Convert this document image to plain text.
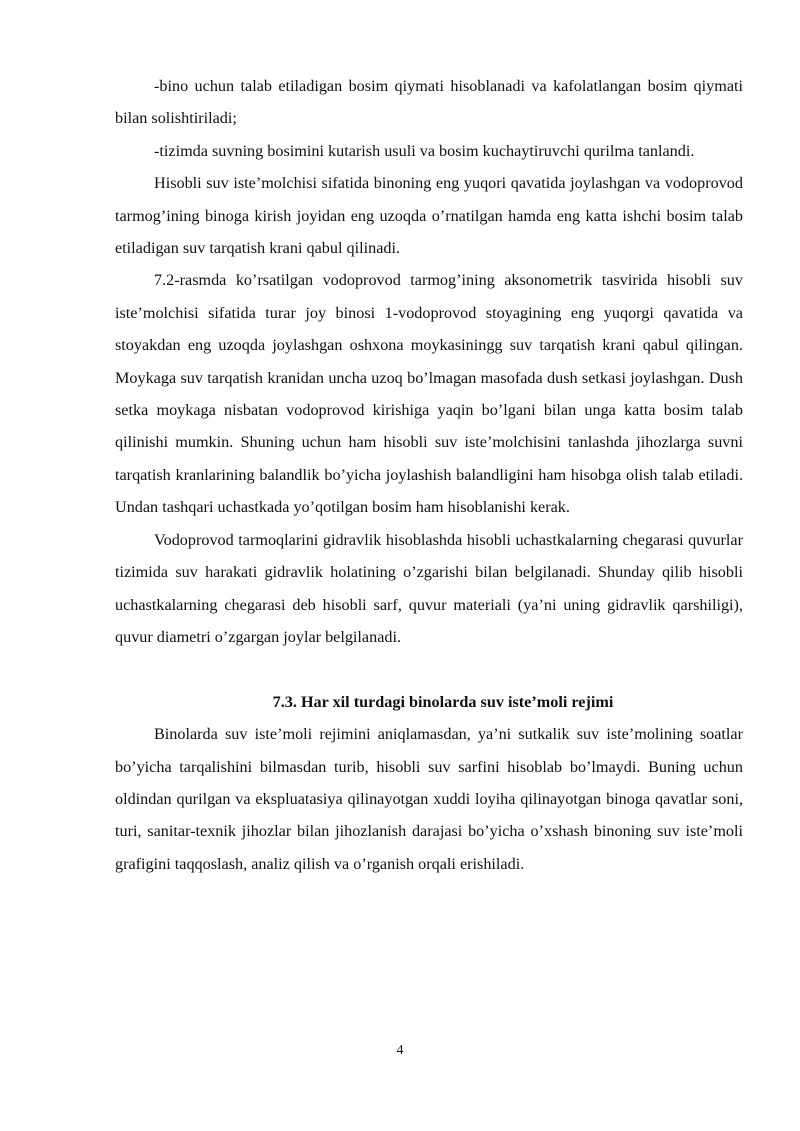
-bino uchun talab etiladigan bosim qiymati hisoblanadi va kafolatlangan bosim qiymati bilan solishtiriladi;

-tizimda suvning bosimini kutarish usuli va bosim kuchaytiruvchi qurilma tanlandi.

Hisobli suv iste’molchisi sifatida binoning eng yuqori qavatida joylashgan va vodoprovod tarmog’ining binoga kirish joyidan eng uzoqda o’rnatilgan hamda eng katta ishchi bosim talab etiladigan suv tarqatish krani qabul qilinadi.

7.2-rasmda ko’rsatilgan vodoprovod tarmog’ining aksonometrik tasvirida hisobli suv iste’molchisi sifatida turar joy binosi 1-vodoprovod stoyagining eng yuqorgi qavatida va stoyakdan eng uzoqda joylashgan oshxona moykasiningg suv tarqatish krani qabul qilingan. Moykaga suv tarqatish kranidan uncha uzoq bo’lmagan masofada dush setkasi joylashgan. Dush setka moykaga nisbatan vodoprovod kirishiga yaqin bo’lgani bilan unga katta bosim talab qilinishi mumkin. Shuning uchun ham hisobli suv iste’molchisini tanlashda jihozlarga suvni tarqatish kranlarining balandlik bo’yicha joylashish balandligini ham hisobga olish talab etiladi. Undan tashqari uchastkada yo’qotilgan bosim ham hisoblanishi kerak.

Vodoprovod tarmoqlarini gidravlik hisoblashda hisobli uchastkalarning chegarasi quvurlar tizimida suv harakati gidravlik holatining o’zgarishi bilan belgilanadi. Shunday qilib hisobli uchastkalarning chegarasi deb hisobli sarf, quvur materiali (ya’ni uning gidravlik qarshiligi), quvur diametri o’zgargan joylar belgilanadi.

7.3. Har xil turdagi binolarda suv iste’moli rejimi

Binolarda suv iste’moli rejimini aniqlamasdan, ya’ni sutkalik suv iste’molining soatlar bo’yicha tarqalishini bilmasdan turib, hisobli suv sarfini hisoblab bo’lmaydi. Buning uchun oldindan qurilgan va ekspluatasiya qilinayotgan xuddi loyiha qilinayotgan binoga qavatlar soni, turi, sanitar-texnik jihozlar bilan jihozlanish darajasi bo’yicha o’xshash binoning suv iste’moli grafigini taqqoslash, analiz qilish va o’rganish orqali erishiladi.

4
